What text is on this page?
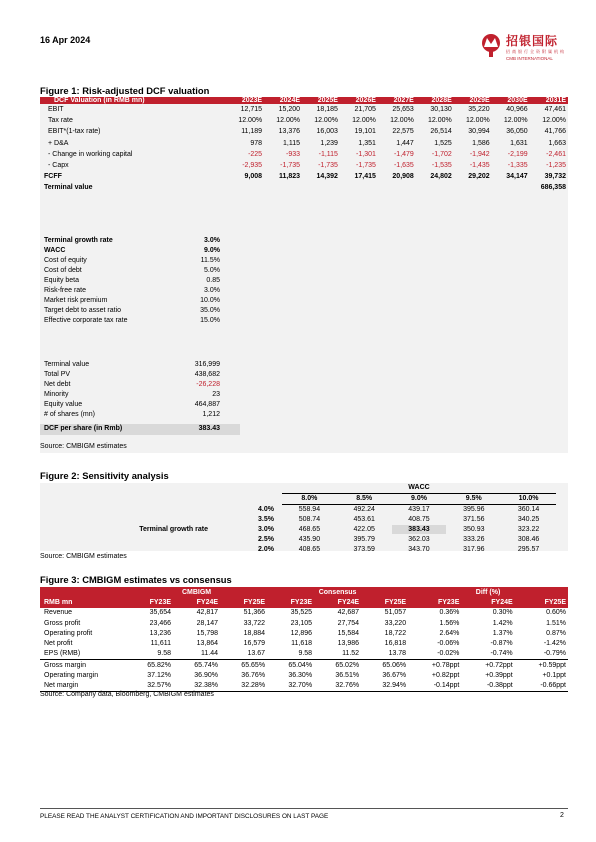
16 Apr 2024	招银国际
招商银行全资附属机构
CMB INTERNATIONAL
Figure 1: Risk-adjusted DCF valuation
DCF Valuation (in RMB mn)	2023E	2024E	2025E	2026E	2027E	2028E	2029E	2030E	2031E
EBIT	12,715	15,200	18,185	21,705	25,653	30,130	35,220	40,966	47,461
Tax rate	12.00%	12.00%	12.00%	12.00%	12.00%	12.00%	12.00%	12.00%	12.00%
EBIT*(1-tax rate)	11,189	13,376	16,003	19,101	22,575	26,514	30,994	36,050	41,766
+ D&A	978	1,115	1,239	1,351	1,447	1,525	1,586	1,631	1,663
- Change in working capital	-225	-933	-1,115	-1,301	-1,479	-1,702	-1,942	-2,199	-2,461
- Capx	-2,935	-1,735	-1,735	-1,735	-1,635	-1,535	-1,435	-1,335	-1,235
FCFF	9,008	11,823	14,392	17,415	20,908	24,802	29,202	34,147	39,732
Terminal value									686,358
Terminal growth rate	3.0%
WACC	9.0%
Cost of equity	11.5%
Cost of debt	5.0%
Equity beta	0.85
Risk-free rate	3.0%
Market risk premium	10.0%
Target debt to asset ratio	35.0%
Effective corporate tax rate	15.0%
Terminal value	316,999
Total PV	438,682
Net debt	-26,228
Minority	23
Equity value	464,887
# of shares (mn)	1,212
DCF per share (in Rmb)	383.43
Source: CMBIGM estimates
Figure 2: Sensitivity analysis
		WACC					
		8.0%	8.5%	9.0%	9.5%	10.0%	
	4.0%	558.94	492.24	439.17	395.96	360.14	
	3.5%	508.74	453.61	408.75	371.56	340.25	
Terminal growth rate	3.0%	468.65	422.05	383.43	350.93	323.22	
	2.5%	435.90	395.79	362.03	333.26	308.46	
	2.0%	408.65	373.59	343.70	317.96	295.57	
Source: CMBIGM estimates
Figure 3: CMBIGM estimates vs consensus
	CMBIGM			Consensus			Diff (%)		
RMB mn	FY23E	FY24E	FY25E	FY23E	FY24E	FY25E	FY23E	FY24E	FY25E
Revenue	35,654	42,817	51,366	35,525	42,687	51,057	0.36%	0.30%	0.60%
Gross profit	23,466	28,147	33,722	23,105	27,754	33,220	1.56%	1.42%	1.51%
Operating profit	13,236	15,798	18,884	12,896	15,584	18,722	2.64%	1.37%	0.87%
Net profit	11,611	13,864	16,579	11,618	13,986	16,818	-0.06%	-0.87%	-1.42%
EPS (RMB)	9.58	11.44	13.67	9.58	11.52	13.78	-0.02%	-0.74%	-0.79%
Gross margin	65.82%	65.74%	65.65%	65.04%	65.02%	65.06%	+0.78ppt	+0.72ppt	+0.59ppt
Operating margin	37.12%	36.90%	36.76%	36.30%	36.51%	36.67%	+0.82ppt	+0.39ppt	+0.1ppt
Net margin	32.57%	32.38%	32.28%	32.70%	32.76%	32.94%	-0.14ppt	-0.38ppt	-0.66ppt
Source: Company data, Bloomberg, CMBIGM estimates
PLEASE READ THE ANALYST CERTIFICATION AND IMPORTANT DISCLOSURES ON LAST PAGE	2
